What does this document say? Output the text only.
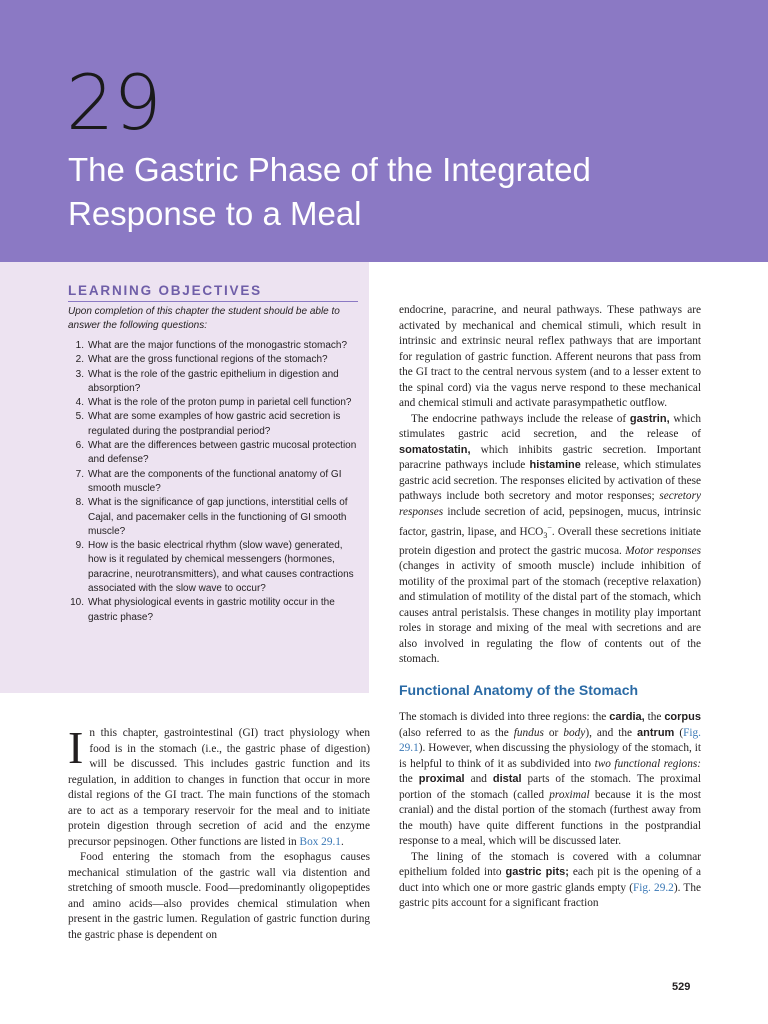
29
The Gastric Phase of the Integrated Response to a Meal
LEARNING OBJECTIVES
Upon completion of this chapter the student should be able to answer the following questions:
1. What are the major functions of the monogastric stomach?
2. What are the gross functional regions of the stomach?
3. What is the role of the gastric epithelium in digestion and absorption?
4. What is the role of the proton pump in parietal cell function?
5. What are some examples of how gastric acid secretion is regulated during the postprandial period?
6. What are the differences between gastric mucosal protection and defense?
7. What are the components of the functional anatomy of GI smooth muscle?
8. What is the significance of gap junctions, interstitial cells of Cajal, and pacemaker cells in the functioning of GI smooth muscle?
9. How is the basic electrical rhythm (slow wave) generated, how is it regulated by chemical messengers (hormones, paracrine, neurotransmitters), and what causes contractions associated with the slow wave to occur?
10. What physiological events in gastric motility occur in the gastric phase?

In this chapter, gastrointestinal (GI) tract physiology when food is in the stomach (i.e., the gastric phase of digestion) will be discussed. This includes gastric function and its regulation, in addition to changes in function that occur in more distal regions of the GI tract. The main functions of the stomach are to act as a temporary reservoir for the meal and to initiate protein digestion through secretion of acid and the enzyme precursor pepsinogen. Other functions are listed in Box 29.1.

Food entering the stomach from the esophagus causes mechanical stimulation of the gastric wall via distention and stretching of smooth muscle. Food—predominantly oligopeptides and amino acids—also provides chemical stimulation when present in the gastric lumen. Regulation of gastric function during the gastric phase is dependent on

endocrine, paracrine, and neural pathways. These pathways are activated by mechanical and chemical stimuli, which result in intrinsic and extrinsic neural reflex pathways that are important for regulation of gastric function. Afferent neurons that pass from the GI tract to the central nervous system (and to a lesser extent to the spinal cord) via the vagus nerve respond to these mechanical and chemical stimuli and activate parasympathetic outflow.

The endocrine pathways include the release of gastrin, which stimulates gastric acid secretion, and the release of somatostatin, which inhibits gastric secretion. Important paracrine pathways include histamine release, which stimulates gastric acid secretion. The responses elicited by activation of these pathways include both secretory and motor responses; secretory responses include secretion of acid, pepsinogen, mucus, intrinsic factor, gastrin, lipase, and $HCO_3^-$. Overall these secretions initiate protein digestion and protect the gastric mucosa. Motor responses (changes in activity of smooth muscle) include inhibition of motility of the proximal part of the stomach (receptive relaxation) and stimulation of motility of the distal part of the stomach, which causes antral peristalsis. These changes in motility play important roles in storage and mixing of the meal with secretions and are also involved in regulating the flow of contents out of the stomach.

Functional Anatomy of the Stomach

The stomach is divided into three regions: the cardia, the corpus (also referred to as the fundus or body), and the antrum (Fig. 29.1). However, when discussing the physiology of the stomach, it is helpful to think of it as subdivided into two functional regions: the proximal and distal parts of the stomach. The proximal portion of the stomach (called proximal because it is the most cranial) and the distal portion of the stomach (furthest away from the mouth) have quite different functions in the postprandial response to a meal, which will be discussed later.

The lining of the stomach is covered with a columnar epithelium folded into gastric pits; each pit is the opening of a duct into which one or more gastric glands empty (Fig. 29.2). The gastric pits account for a significant fraction

529
